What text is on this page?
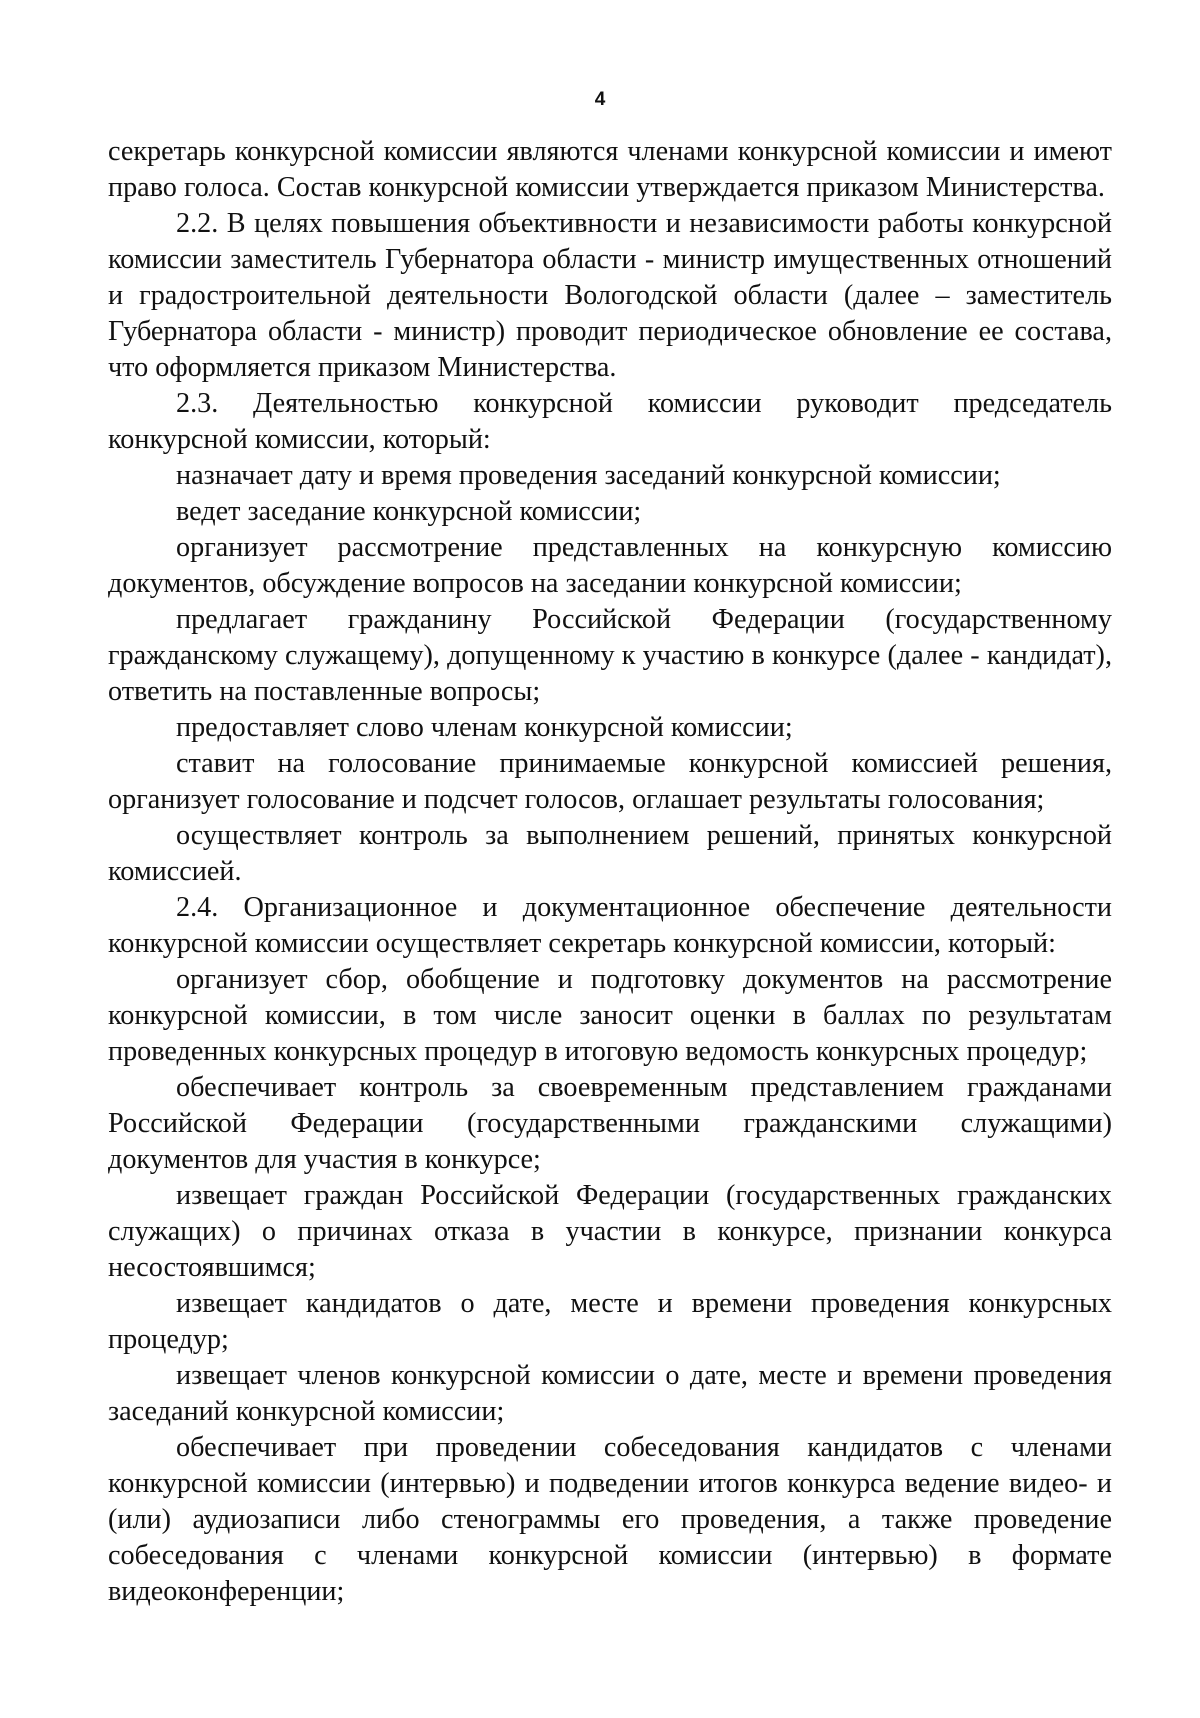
4

секретарь конкурсной комиссии являются членами конкурсной комиссии и имеют право голоса. Состав конкурсной комиссии утверждается приказом Министерства.

2.2. В целях повышения объективности и независимости работы конкурсной комиссии заместитель Губернатора области - министр имущественных отношений и градостроительной деятельности Вологодской области (далее – заместитель Губернатора области - министр) проводит периодическое обновление ее состава, что оформляется приказом Министерства.

2.3. Деятельностью конкурсной комиссии руководит председатель конкурсной комиссии, который:

назначает дату и время проведения заседаний конкурсной комиссии;

ведет заседание конкурсной комиссии;

организует рассмотрение представленных на конкурсную комиссию документов, обсуждение вопросов на заседании конкурсной комиссии;

предлагает гражданину Российской Федерации (государственному гражданскому служащему), допущенному к участию в конкурсе (далее - кандидат), ответить на поставленные вопросы;

предоставляет слово членам конкурсной комиссии;

ставит на голосование принимаемые конкурсной комиссией решения, организует голосование и подсчет голосов, оглашает результаты голосования;

осуществляет контроль за выполнением решений, принятых конкурсной комиссией.

2.4. Организационное и документационное обеспечение деятельности конкурсной комиссии осуществляет секретарь конкурсной комиссии, который:

организует сбор, обобщение и подготовку документов на рассмотрение конкурсной комиссии, в том числе заносит оценки в баллах по результатам проведенных конкурсных процедур в итоговую ведомость конкурсных процедур;

обеспечивает контроль за своевременным представлением гражданами Российской Федерации (государственными гражданскими служащими) документов для участия в конкурсе;

извещает граждан Российской Федерации (государственных гражданских служащих) о причинах отказа в участии в конкурсе, признании конкурса несостоявшимся;

извещает кандидатов о дате, месте и времени проведения конкурсных процедур;

извещает членов конкурсной комиссии о дате, месте и времени проведения заседаний конкурсной комиссии;

обеспечивает при проведении собеседования кандидатов с членами конкурсной комиссии (интервью) и подведении итогов конкурса ведение видео- и (или) аудиозаписи либо стенограммы его проведения, а также проведение собеседования с членами конкурсной комиссии (интервью) в формате видеоконференции;
